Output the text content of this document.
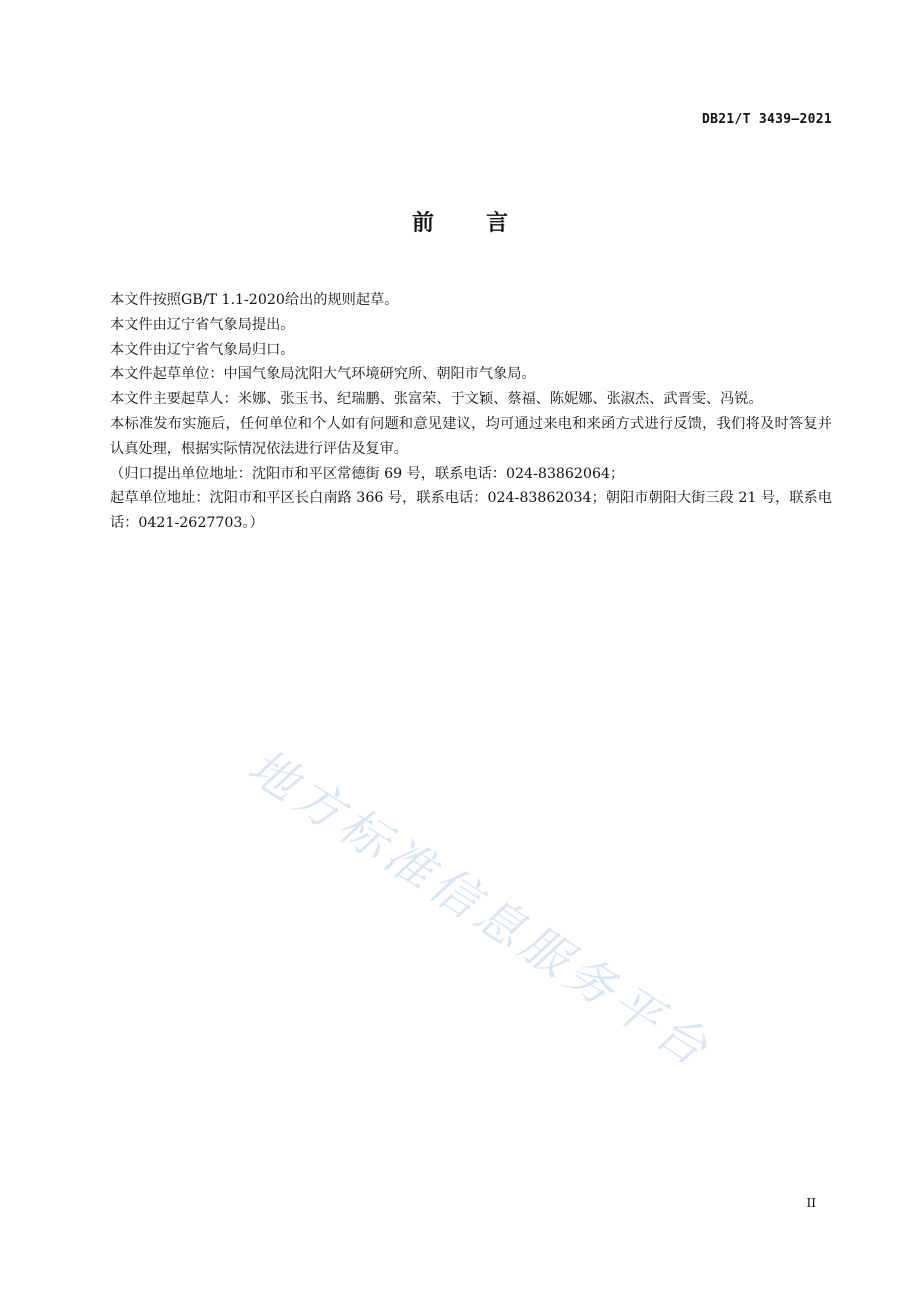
DB21/T 3439—2021
前 言

本文件按照GB/T 1.1-2020给出的规则起草。

本文件由辽宁省气象局提出。

本文件由辽宁省气象局归口。

本文件起草单位：中国气象局沈阳大气环境研究所、朝阳市气象局。

本文件主要起草人：米娜、张玉书、纪瑞鹏、张富荣、于文颖、蔡福、陈妮娜、张淑杰、武晋雯、冯锐。

本标准发布实施后，任何单位和个人如有问题和意见建议，均可通过来电和来函方式进行反馈，我们将及时答复并认真处理，根据实际情况依法进行评估及复审。

（归口提出单位地址：沈阳市和平区常德街 69 号，联系电话：024-83862064；

起草单位地址：沈阳市和平区长白南路 366 号，联系电话：024-83862034；朝阳市朝阳大街三段 21 号，联系电话：0421-2627703。）

地方标准信息服务平台
II
